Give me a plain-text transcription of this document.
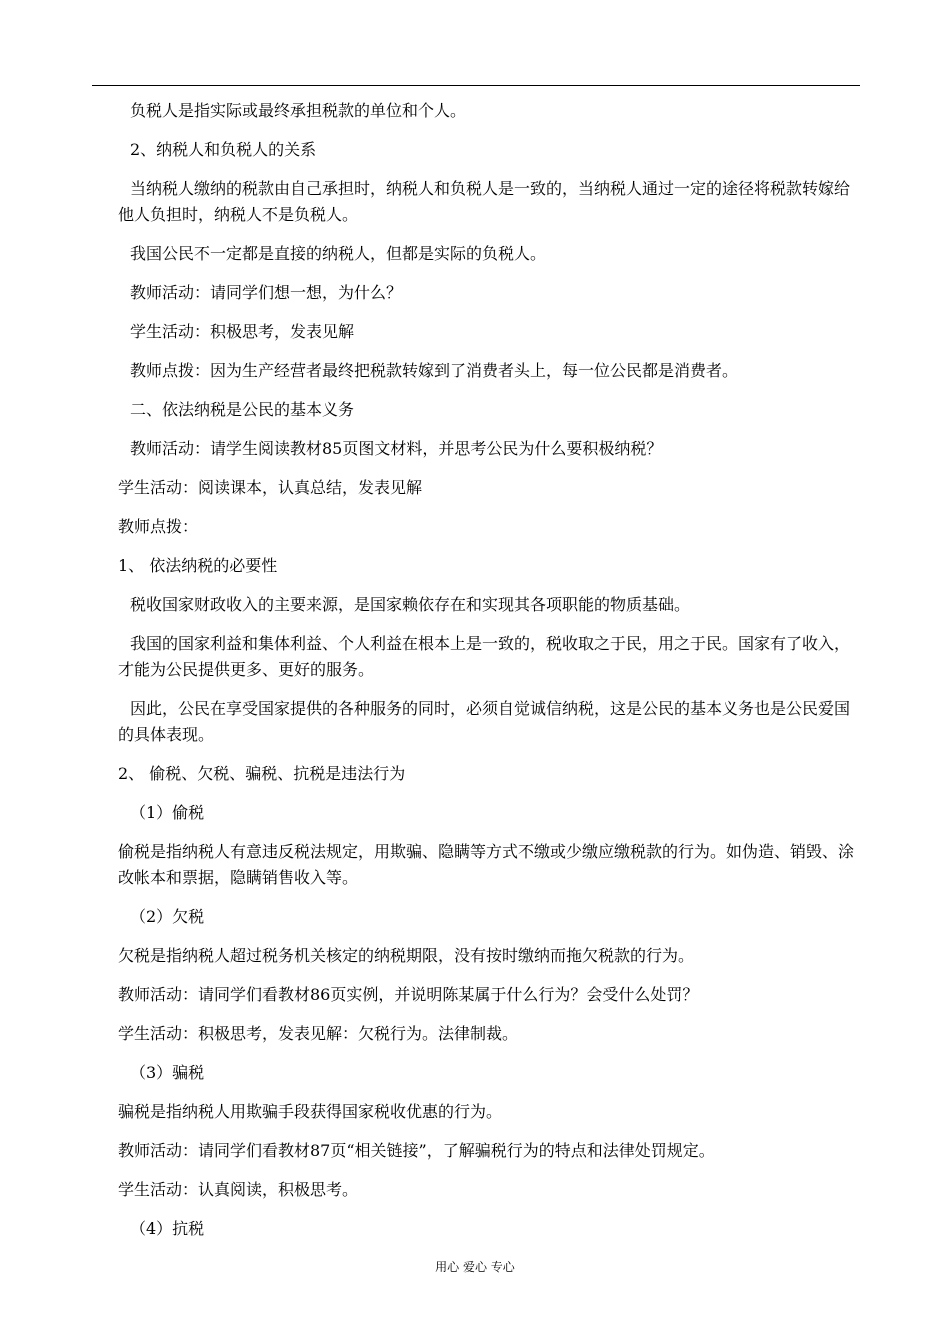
负税人是指实际或最终承担税款的单位和个人。

2、纳税人和负税人的关系

当纳税人缴纳的税款由自己承担时，纳税人和负税人是一致的，当纳税人通过一定的途径将税款转嫁给他人负担时，纳税人不是负税人。

我国公民不一定都是直接的纳税人，但都是实际的负税人。

教师活动：请同学们想一想，为什么？

学生活动：积极思考，发表见解

教师点拨：因为生产经营者最终把税款转嫁到了消费者头上，每一位公民都是消费者。

二、依法纳税是公民的基本义务

教师活动：请学生阅读教材85页图文材料，并思考公民为什么要积极纳税？

学生活动：阅读课本，认真总结，发表见解

教师点拨：

1、 依法纳税的必要性

税收国家财政收入的主要来源，是国家赖依存在和实现其各项职能的物质基础。

我国的国家利益和集体利益、个人利益在根本上是一致的，税收取之于民，用之于民。国家有了收入，才能为公民提供更多、更好的服务。

因此，公民在享受国家提供的各种服务的同时，必须自觉诚信纳税，这是公民的基本义务也是公民爱国的具体表现。

2、 偷税、欠税、骗税、抗税是违法行为

（1）偷税

偷税是指纳税人有意违反税法规定，用欺骗、隐瞒等方式不缴或少缴应缴税款的行为。如伪造、销毁、涂改帐本和票据，隐瞒销售收入等。

（2）欠税

欠税是指纳税人超过税务机关核定的纳税期限，没有按时缴纳而拖欠税款的行为。

教师活动：请同学们看教材86页实例，并说明陈某属于什么行为？会受什么处罚？

学生活动：积极思考，发表见解：欠税行为。法律制裁。

（3）骗税

骗税是指纳税人用欺骗手段获得国家税收优惠的行为。

教师活动：请同学们看教材87页“相关链接”，了解骗税行为的特点和法律处罚规定。

学生活动：认真阅读，积极思考。

（4）抗税

用心 爱心 专心
